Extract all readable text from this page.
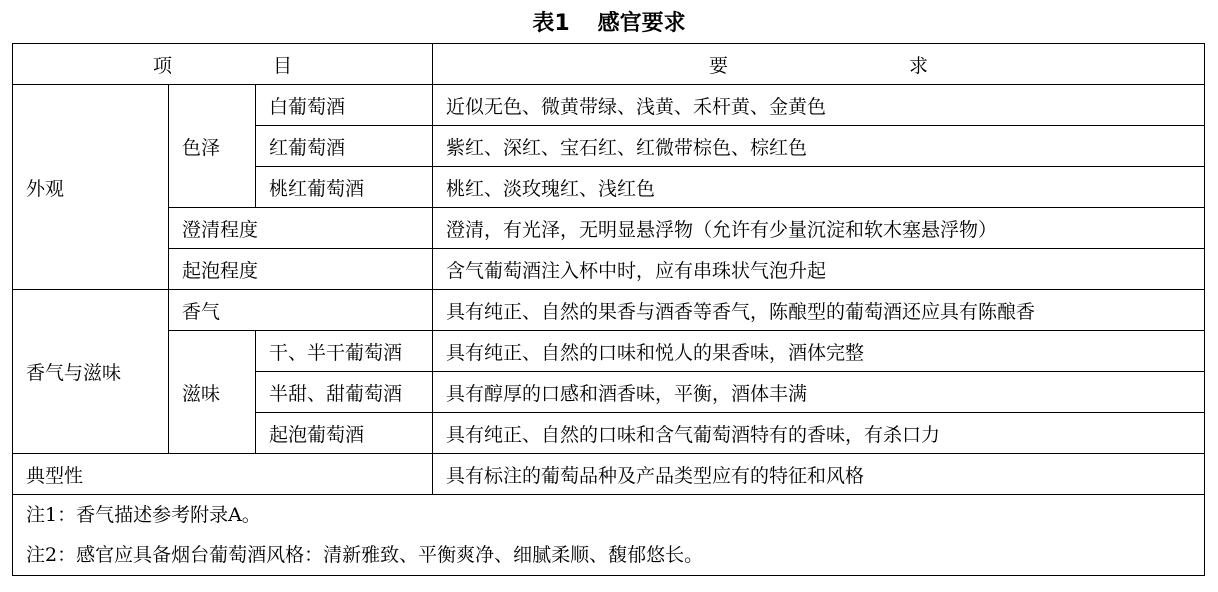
表1 感官要求
项 目			要 求

外观	色泽	白葡萄酒	近似无色、微黄带绿、浅黄、禾杆黄、金黄色
		红葡萄酒	紫红、深红、宝石红、红微带棕色、棕红色
		桃红葡萄酒	桃红、淡玫瑰红、浅红色
	澄清程度		澄清，有光泽，无明显悬浮物（允许有少量沉淀和软木塞悬浮物）
	起泡程度		含气葡萄酒注入杯中时，应有串珠状气泡升起
香气与滋味	香气		具有纯正、自然的果香与酒香等香气，陈酿型的葡萄酒还应具有陈酿香
	滋味	干、半干葡萄酒	具有纯正、自然的口味和悦人的果香味，酒体完整
		半甜、甜葡萄酒	具有醇厚的口感和酒香味，平衡，酒体丰满
		起泡葡萄酒	具有纯正、自然的口味和含气葡萄酒特有的香味，有杀口力
典型性			具有标注的葡萄品种及产品类型应有的特征和风格

注1：香气描述参考附录A。
注2：感官应具备烟台葡萄酒风格：清新雅致、平衡爽净、细腻柔顺、馥郁悠长。			
